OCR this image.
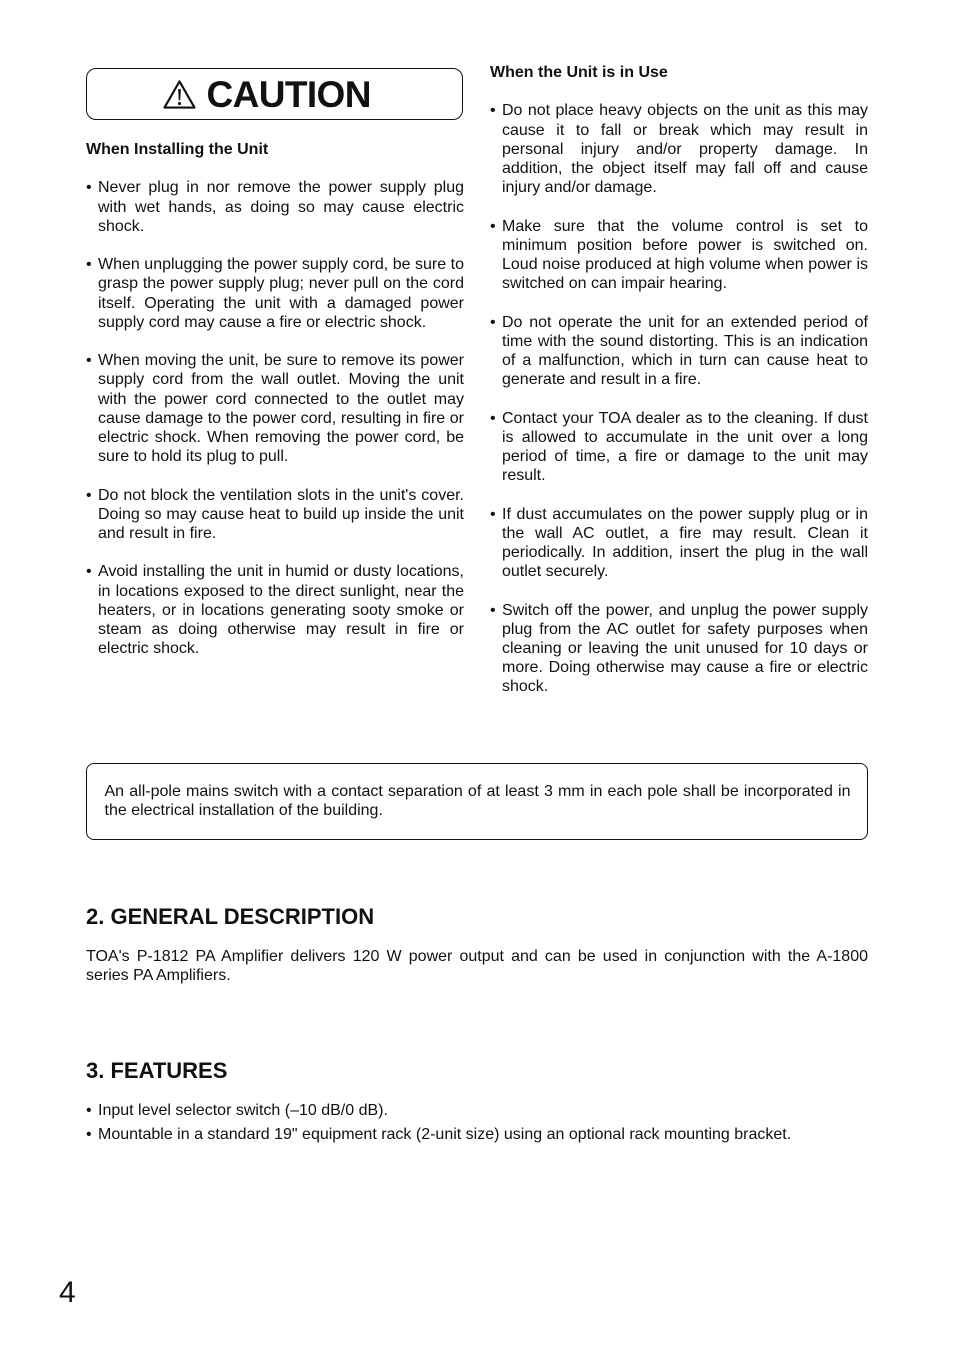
CAUTION
When Installing the Unit
• Never plug in nor remove the power supply plug with wet hands, as doing so may cause electric shock.
• When unplugging the power supply cord, be sure to grasp the power supply plug; never pull on the cord itself. Operating the unit with a damaged power supply cord may cause a fire or electric shock.
• When moving the unit, be sure to remove its power supply cord from the wall outlet. Moving the unit with the power cord connected to the outlet may cause damage to the power cord, resulting in fire or electric shock. When removing the power cord, be sure to hold its plug to pull.
• Do not block the ventilation slots in the unit's cover. Doing so may cause heat to build up inside the unit and result in fire.
• Avoid installing the unit in humid or dusty locations, in locations exposed to the direct sunlight, near the heaters, or in locations generating sooty smoke or steam as doing otherwise may result in fire or electric shock.
When the Unit is in Use
• Do not place heavy objects on the unit as this may cause it to fall or break which may result in personal injury and/or property damage. In addition, the object itself may fall off and cause injury and/or damage.
• Make sure that the volume control is set to minimum position before power is switched on. Loud noise produced at high volume when power is switched on can impair hearing.
• Do not operate the unit for an extended period of time with the sound distorting. This is an indication of a malfunction, which in turn can cause heat to generate and result in a fire.
• Contact your TOA dealer as to the cleaning. If dust is allowed to accumulate in the unit over a long period of time, a fire or damage to the unit may result.
• If dust accumulates on the power supply plug or in the wall AC outlet, a fire may result. Clean it periodically. In addition, insert the plug in the wall outlet securely.
• Switch off the power, and unplug the power supply plug from the AC outlet for safety purposes when cleaning or leaving the unit unused for 10 days or more. Doing otherwise may cause a fire or electric shock.
An all-pole mains switch with a contact separation of at least 3 mm in each pole shall be incorporated in the electrical installation of the building.
2. GENERAL DESCRIPTION
TOA's P-1812 PA Amplifier delivers 120 W power output and can be used in conjunction with the A-1800 series PA Amplifiers.
3. FEATURES
• Input level selector switch (–10 dB/0 dB).
• Mountable in a standard 19" equipment rack (2-unit size) using an optional rack mounting bracket.
4
